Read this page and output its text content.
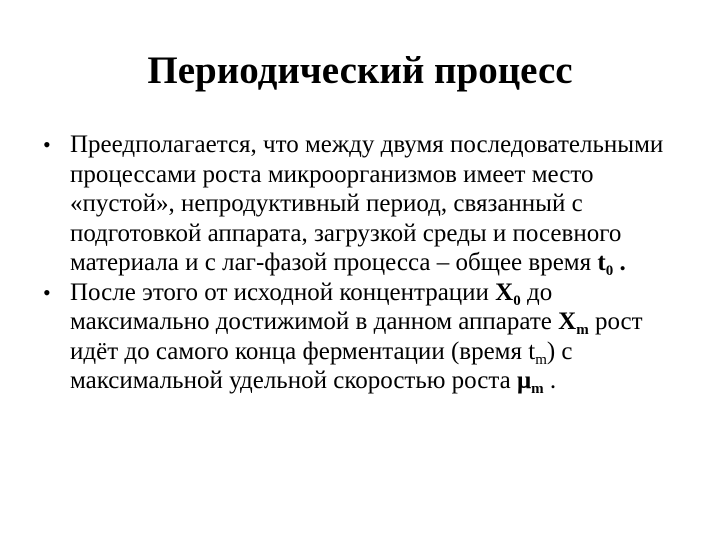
Периодический процесс
• Преедполагается, что между двумя последовательными процессами роста микроорганизмов имеет место «пустой», непродуктивный период, связанный с подготовкой аппарата, загрузкой среды и посевного материала и с лаг-фазой процесса – общее время $t_0$ .
• После этого от исходной концентрации $X_0$ до максимально достижимой в данном аппарате $X_m$ рост идёт до самого конца ферментации (время $t_m$) с максимальной удельной скоростью роста $\mu_m$ .
